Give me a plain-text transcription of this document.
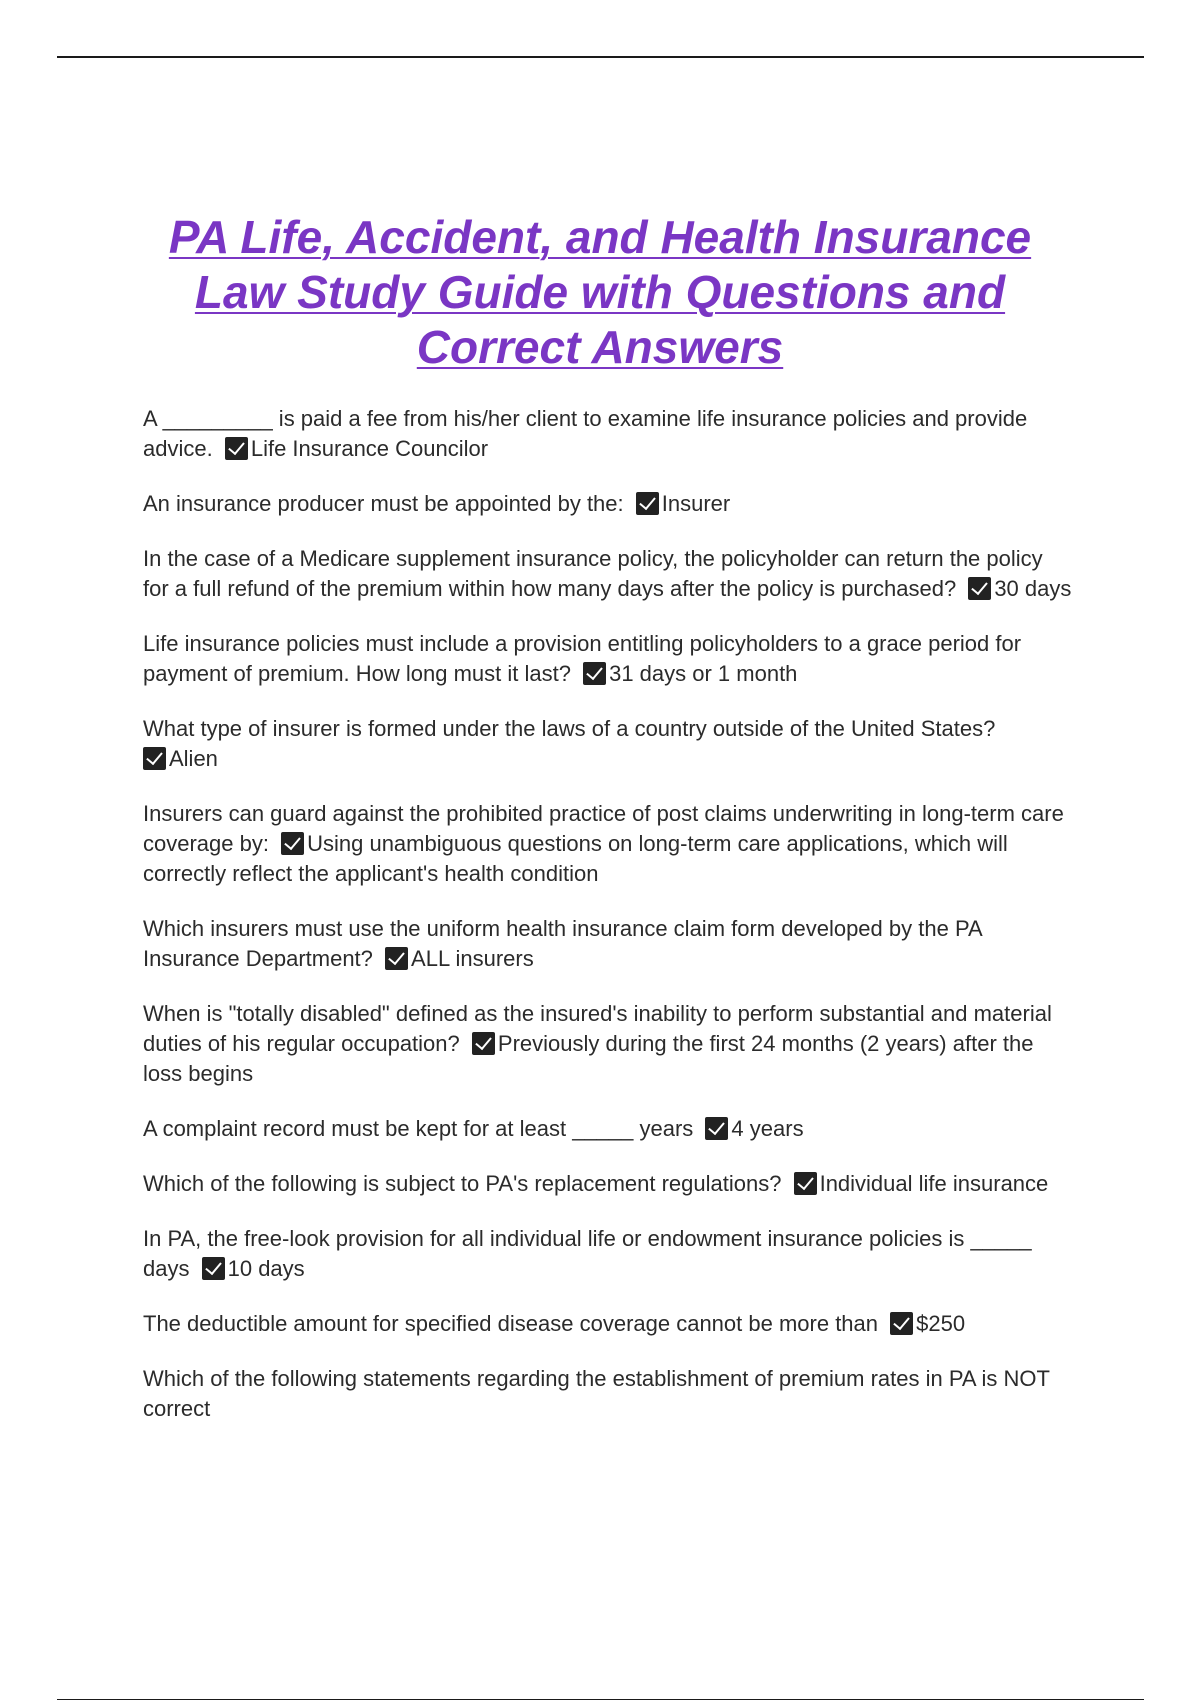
PA Life, Accident, and Health Insurance Law Study Guide with Questions and Correct Answers

A _________ is paid a fee from his/her client to examine life insurance policies and provide advice. Life Insurance Councilor

An insurance producer must be appointed by the: Insurer

In the case of a Medicare supplement insurance policy, the policyholder can return the policy for a full refund of the premium within how many days after the policy is purchased? 30 days

Life insurance policies must include a provision entitling policyholders to a grace period for payment of premium. How long must it last? 31 days or 1 month

What type of insurer is formed under the laws of a country outside of the United States?
Alien

Insurers can guard against the prohibited practice of post claims underwriting in long-term care coverage by: Using unambiguous questions on long-term care applications, which will correctly reflect the applicant's health condition

Which insurers must use the uniform health insurance claim form developed by the PA Insurance Department? ALL insurers

When is "totally disabled" defined as the insured's inability to perform substantial and material duties of his regular occupation? Previously during the first 24 months (2 years) after the loss begins

A complaint record must be kept for at least _____ years 4 years

Which of the following is subject to PA's replacement regulations? Individual life insurance

In PA, the free-look provision for all individual life or endowment insurance policies is _____ days 10 days

The deductible amount for specified disease coverage cannot be more than $250

Which of the following statements regarding the establishment of premium rates in PA is NOT correct
